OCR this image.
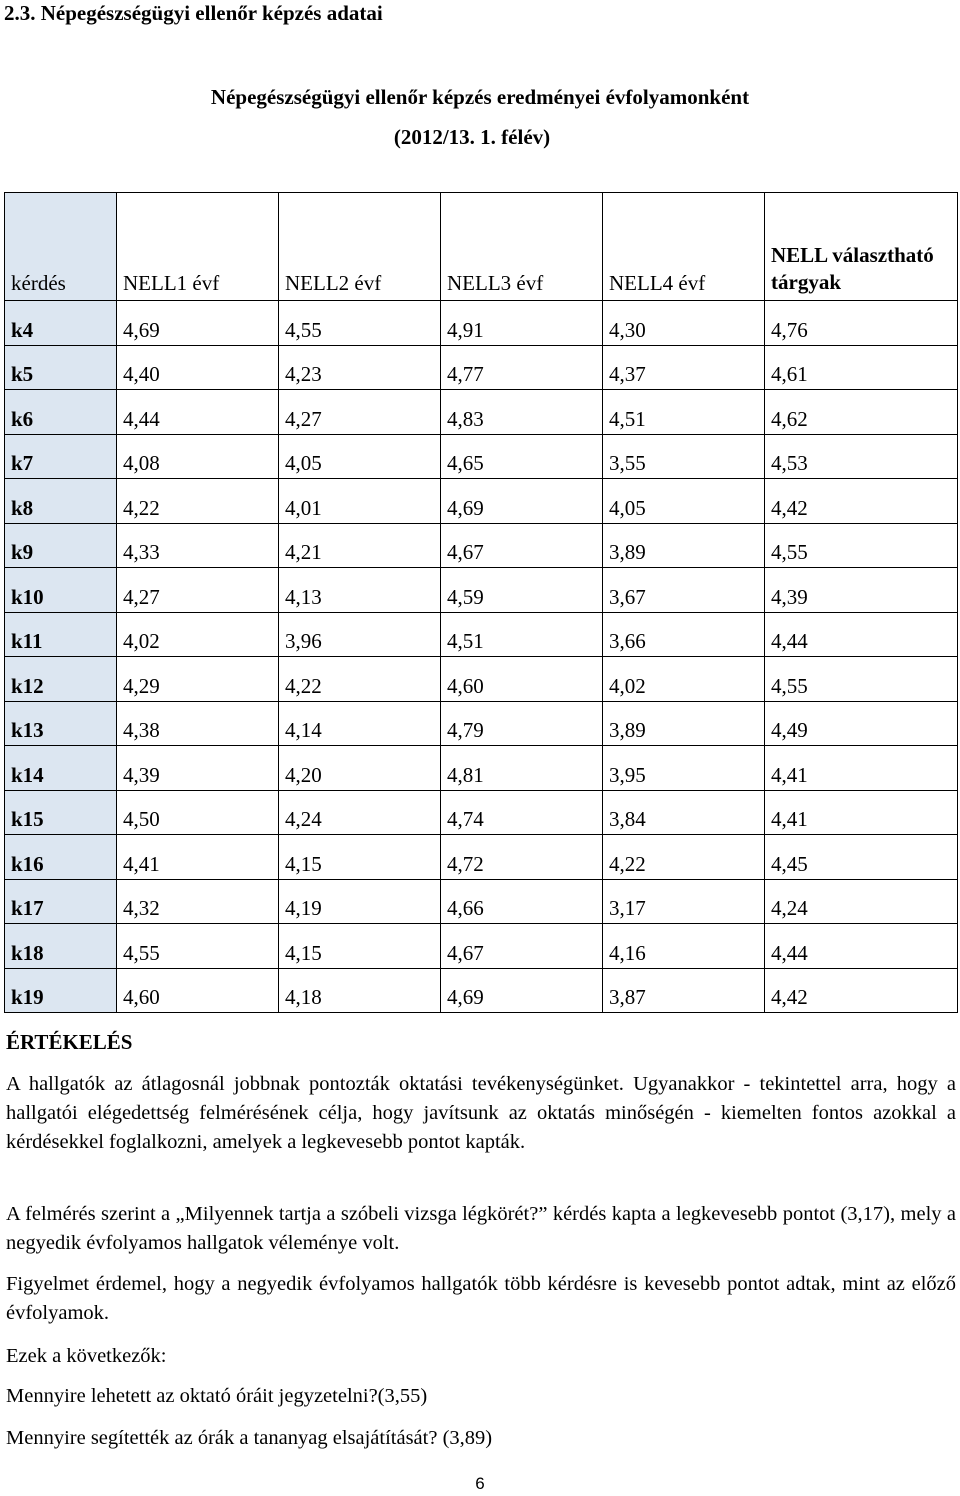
2.3. Népegészségügyi ellenőr képzés adatai
Népegészségügyi ellenőr képzés eredményei évfolyamonként
(2012/13. 1. félév)
kérdés	NELL1 évf	NELL2 évf	NELL3 évf	NELL4 évf	NELL választható tárgyak
k4	4,69	4,55	4,91	4,30	4,76
k5	4,40	4,23	4,77	4,37	4,61
k6	4,44	4,27	4,83	4,51	4,62
k7	4,08	4,05	4,65	3,55	4,53
k8	4,22	4,01	4,69	4,05	4,42
k9	4,33	4,21	4,67	3,89	4,55
k10	4,27	4,13	4,59	3,67	4,39
k11	4,02	3,96	4,51	3,66	4,44
k12	4,29	4,22	4,60	4,02	4,55
k13	4,38	4,14	4,79	3,89	4,49
k14	4,39	4,20	4,81	3,95	4,41
k15	4,50	4,24	4,74	3,84	4,41
k16	4,41	4,15	4,72	4,22	4,45
k17	4,32	4,19	4,66	3,17	4,24
k18	4,55	4,15	4,67	4,16	4,44
k19	4,60	4,18	4,69	3,87	4,42
ÉRTÉKELÉS
A hallgatók az átlagosnál jobbnak pontozták oktatási tevékenységünket. Ugyanakkor - tekintettel arra, hogy a hallgatói elégedettség felmérésének célja, hogy javítsunk az oktatás minőségén - kiemelten fontos azokkal a kérdésekkel foglalkozni, amelyek a legkevesebb pontot kapták.
A felmérés szerint a „Milyennek tartja a szóbeli vizsga légkörét?” kérdés kapta a legkevesebb pontot (3,17), mely a negyedik évfolyamos hallgatok véleménye volt.
Figyelmet érdemel, hogy a negyedik évfolyamos hallgatók több kérdésre is kevesebb pontot adtak, mint az előző évfolyamok.
Ezek a következők:
Mennyire lehetett az oktató óráit jegyzetelni?(3,55)
Mennyire segítették az órák a tananyag elsajátítását? (3,89)
6
